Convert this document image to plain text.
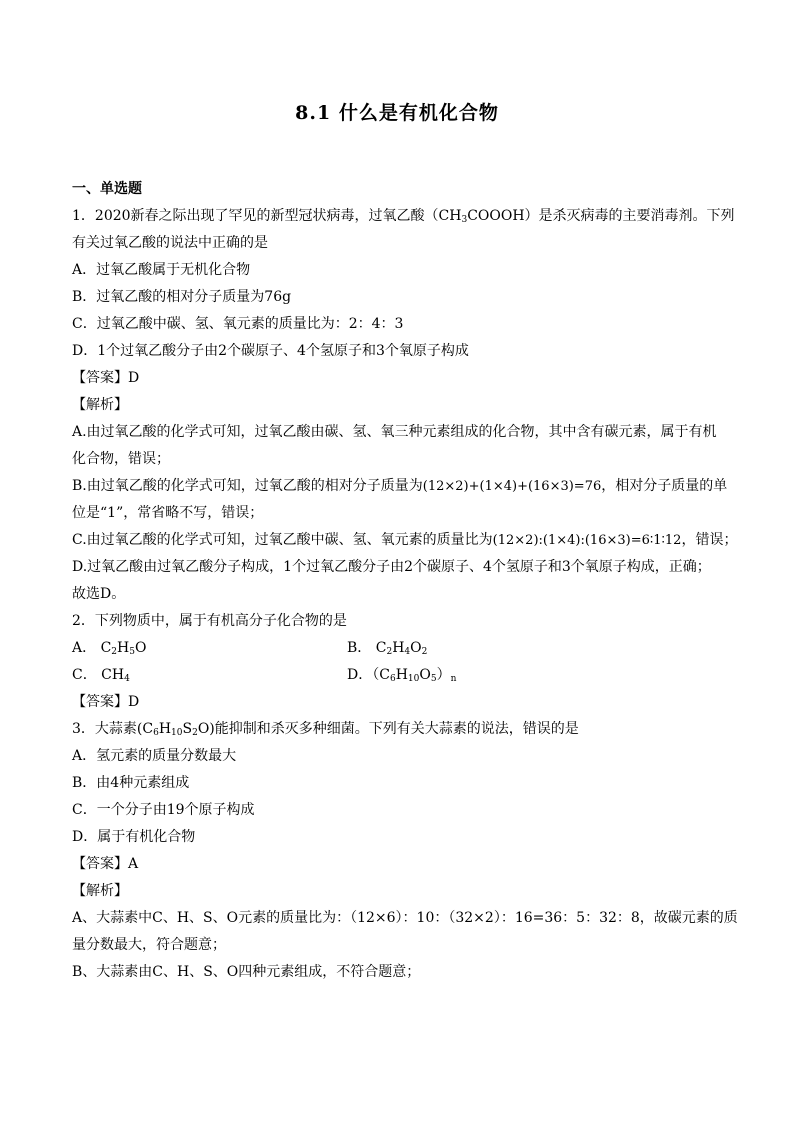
8.1 什么是有机化合物
一、单选题
1．2020新春之际出现了罕见的新型冠状病毒，过氧乙酸$(CH_3COOOH)$是杀灭病毒的主要消毒剂。下列
有关过氧乙酸的说法中正确的是
A．过氧乙酸属于无机化合物
B．过氧乙酸的相对分子质量为76g
C．过氧乙酸中碳、氢、氧元素的质量比为：2：4：3
D．1个过氧乙酸分子由2个碳原子、4个氢原子和3个氧原子构成
【答案】D
【解析】
A.由过氧乙酸的化学式可知，过氧乙酸由碳、氢、氧三种元素组成的化合物，其中含有碳元素，属于有机
化合物，错误；
B.由过氧乙酸的化学式可知，过氧乙酸的相对分子质量为(12×2)+(1×4)+(16×3)=76，相对分子质量的单
位是“1”，常省略不写，错误；
C.由过氧乙酸的化学式可知，过氧乙酸中碳、氢、氧元素的质量比为(12×2):(1×4):(16×3)=6∶1∶12，错误；
D.过氧乙酸由过氧乙酸分子构成，1个过氧乙酸分子由2个碳原子、4个氢原子和3个氧原子构成，正确；
故选D。
2．下列物质中，属于有机高分子化合物的是
A． $C_2H_5O$	B． $C_2H_4O_2$
C． $CH_4$	D．$(C_6H_{10}O_5)_n$
【答案】D
3．大蒜素$(C_6H_{10}S_2O)$能抑制和杀灭多种细菌。下列有关大蒜素的说法，错误的是
A．氢元素的质量分数最大
B．由4种元素组成
C．一个分子由19个原子构成
D．属于有机化合物
【答案】A
【解析】
A、大蒜素中C、H、S、O元素的质量比为：（12×6）：10：（32×2）：16=36：5：32：8，故碳元素的质
量分数最大，符合题意；
B、大蒜素由C、H、S、O四种元素组成，不符合题意；
